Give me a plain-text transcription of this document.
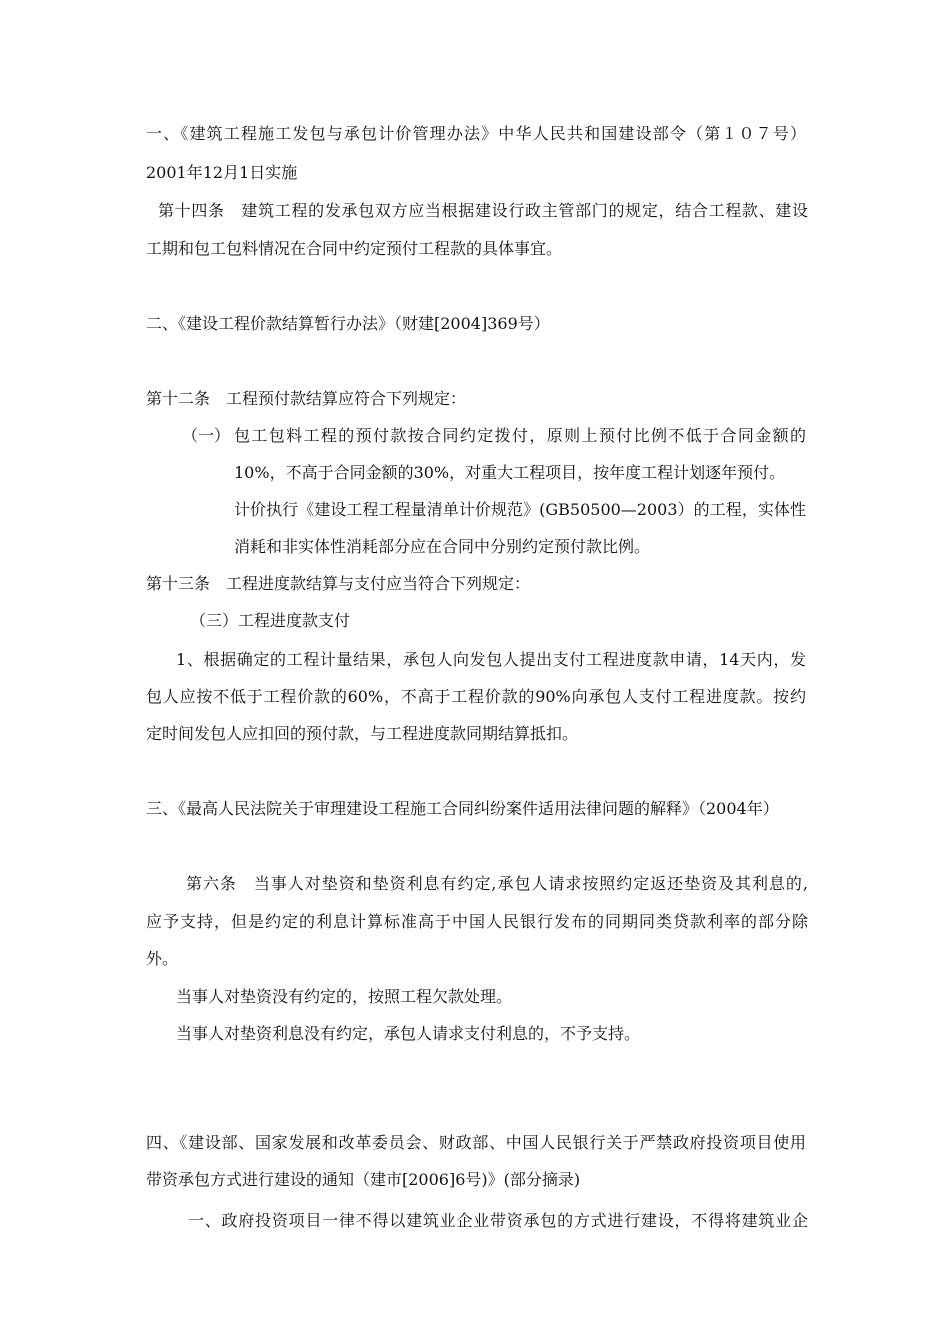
一、《建筑工程施工发包与承包计价管理办法》中华人民共和国建设部令（第１０７号）
2001年12月1日实施
第十四条　建筑工程的发承包双方应当根据建设行政主管部门的规定，结合工程款、建设
工期和包工包料情况在合同中约定预付工程款的具体事宜。
二、《建设工程价款结算暂行办法》（财建[2004]369号）
第十二条　工程预付款结算应符合下列规定：
（一） 包工包料工程的预付款按合同约定拨付，原则上预付比例不低于合同金额的
10%，不高于合同金额的30%，对重大工程项目，按年度工程计划逐年预付。
计价执行《建设工程工程量清单计价规范》(GB50500—2003）的工程，实体性
消耗和非实体性消耗部分应在合同中分别约定预付款比例。
第十三条　工程进度款结算与支付应当符合下列规定：
（三）工程进度款支付
1、根据确定的工程计量结果，承包人向发包人提出支付工程进度款申请，14天内，发
包人应按不低于工程价款的60%，不高于工程价款的90%向承包人支付工程进度款。按约
定时间发包人应扣回的预付款，与工程进度款同期结算抵扣。
三、《最高人民法院关于审理建设工程施工合同纠纷案件适用法律问题的解释》（2004年）
第六条　当事人对垫资和垫资利息有约定,承包人请求按照约定返还垫资及其利息的,
应予支持，但是约定的利息计算标准高于中国人民银行发布的同期同类贷款利率的部分除
外。
当事人对垫资没有约定的，按照工程欠款处理。
当事人对垫资利息没有约定，承包人请求支付利息的，不予支持。
四、《建设部、国家发展和改革委员会、财政部、中国人民银行关于严禁政府投资项目使用
带资承包方式进行建设的通知（建市[2006]6号)》(部分摘录)
一、政府投资项目一律不得以建筑业企业带资承包的方式进行建设，不得将建筑业企
